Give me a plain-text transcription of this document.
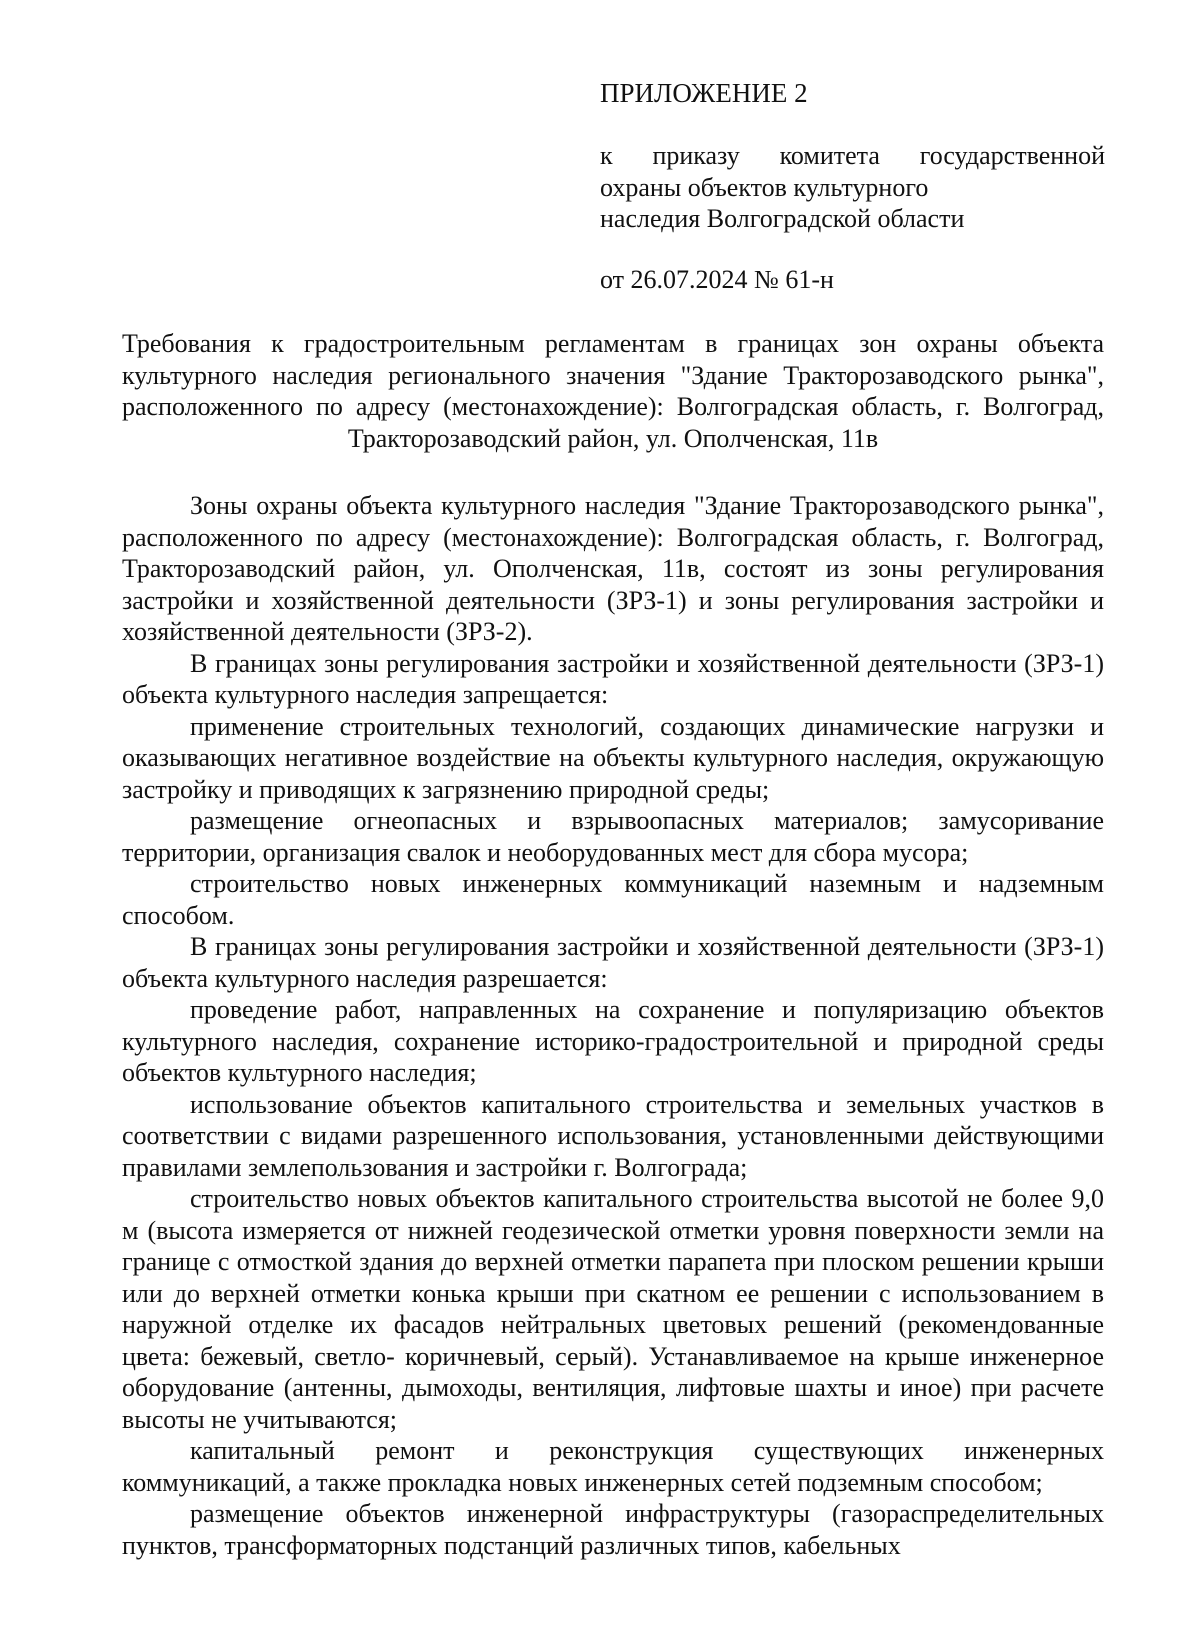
ПРИЛОЖЕНИЕ 2
к приказу комитета государственной
охраны объектов культурного
наследия Волгоградской области
от 26.07.2024 № 61-н
Требования к градостроительным регламентам в границах зон охраны объекта культурного наследия регионального значения "Здание Тракторозаводского рынка", расположенного по адресу (местонахождение): Волгоградская область, г. Волгоград, Тракторозаводский район, ул. Ополченская, 11в

Зоны охраны объекта культурного наследия "Здание Тракторозаводского рынка", расположенного по адресу (местонахождение): Волгоградская область, г. Волгоград, Тракторозаводский район, ул. Ополченская, 11в, состоят из зоны регулирования застройки и хозяйственной деятельности (ЗРЗ-1) и зоны регулирования застройки и хозяйственной деятельности (ЗРЗ-2).

В границах зоны регулирования застройки и хозяйственной деятельности (ЗРЗ-1) объекта культурного наследия запрещается:

применение строительных технологий, создающих динамические нагрузки и оказывающих негативное воздействие на объекты культурного наследия, окружающую застройку и приводящих к загрязнению природной среды;

размещение огнеопасных и взрывоопасных материалов; замусоривание территории, организация свалок и необорудованных мест для сбора мусора;

строительство новых инженерных коммуникаций наземным и надземным способом.

В границах зоны регулирования застройки и хозяйственной деятельности (ЗРЗ-1) объекта культурного наследия разрешается:

проведение работ, направленных на сохранение и популяризацию объектов культурного наследия, сохранение историко-градостроительной и природной среды объектов культурного наследия;

использование объектов капитального строительства и земельных участков в соответствии с видами разрешенного использования, установленными действующими правилами землепользования и застройки г. Волгограда;

строительство новых объектов капитального строительства высотой не более 9,0 м (высота измеряется от нижней геодезической отметки уровня поверхности земли на границе с отмосткой здания до верхней отметки парапета при плоском решении крыши или до верхней отметки конька крыши при скатном ее решении с использованием в наружной отделке их фасадов нейтральных цветовых решений (рекомендованные цвета: бежевый, светло- коричневый, серый). Устанавливаемое на крыше инженерное оборудование (антенны, дымоходы, вентиляция, лифтовые шахты и иное) при расчете высоты не учитываются;

капитальный ремонт и реконструкция существующих инженерных коммуникаций, а также прокладка новых инженерных сетей подземным способом;

размещение объектов инженерной инфраструктуры (газораспределительных пунктов, трансформаторных подстанций различных типов, кабельных
